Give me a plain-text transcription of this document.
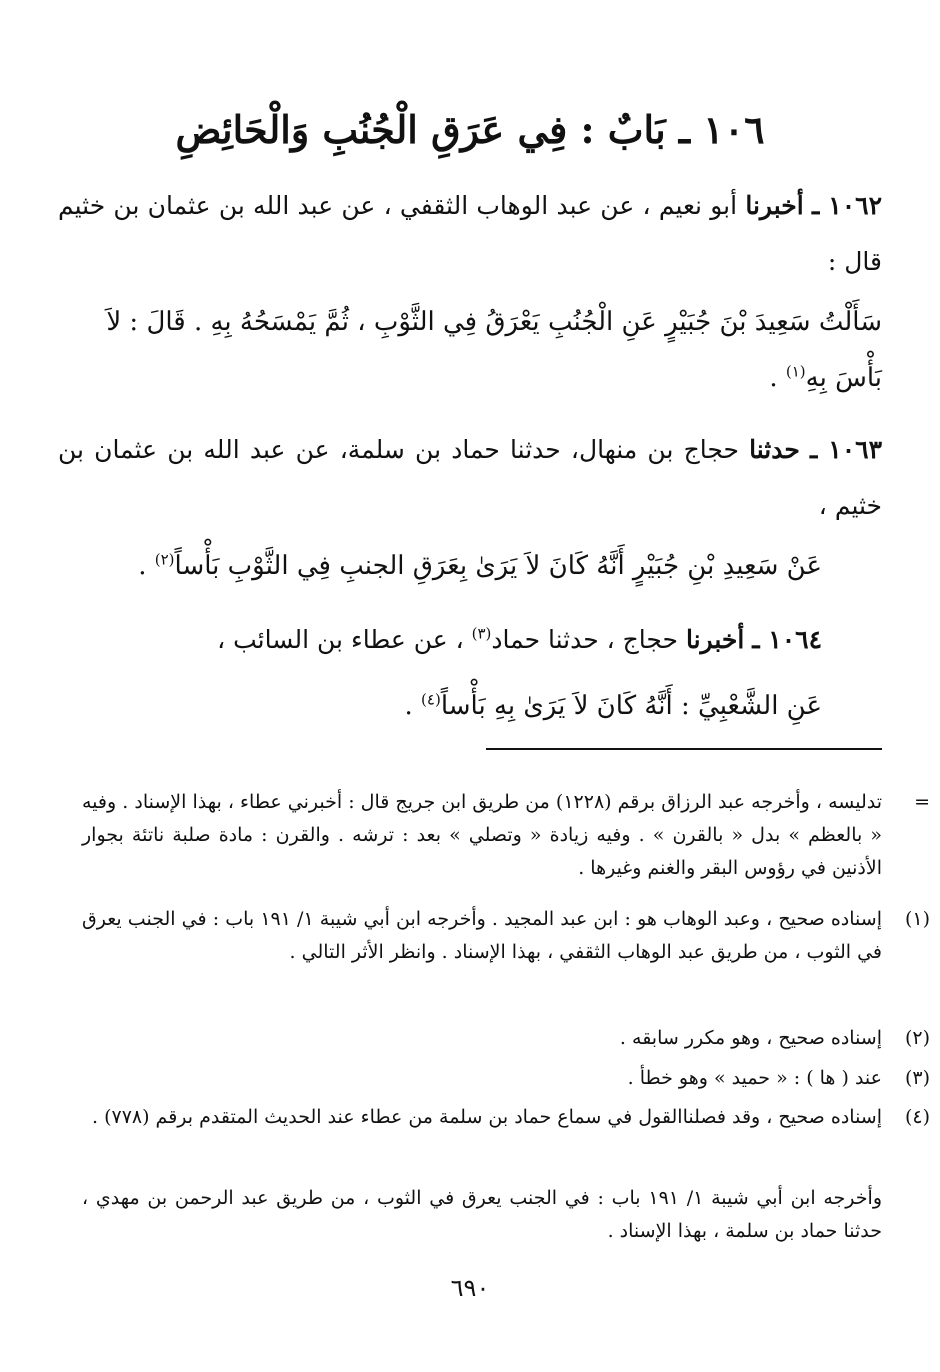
١٠٦ ـ بَابٌ : فِي عَرَقِ الْجُنُبِ وَالْحَائِضِ
١٠٦٢ ـ أخبرنا أبو نعيم ، عن عبد الوهاب الثقفي ، عن عبد الله بن عثمان بن خثيم قال :
سَأَلْتُ سَعِيدَ بْنَ جُبَيْرٍ عَنِ الْجُنُبِ يَعْرَقُ فِي الثَّوْبِ ، ثُمَّ يَمْسَحُهُ بِهِ . قَالَ : لاَ بَأْسَ بِهِ$^{(١)}$ .
١٠٦٣ ـ حدثنا حجاج بن منهال، حدثنا حماد بن سلمة، عن عبد الله بن عثمان بن خثيم ،
عَنْ سَعِيدِ بْنِ جُبَيْرٍ أَنَّهُ كَانَ لاَ يَرَىٰ بِعَرَقِ الجنبِ فِي الثَّوْبِ بَأْساً$^{(٢)}$ .
١٠٦٤ ـ أخبرنا حجاج ، حدثنا حماد$^{(٣)}$ ، عن عطاء بن السائب ،
عَنِ الشَّعْبِيِّ : أَنَّهُ كَانَ لاَ يَرَىٰ بِهِ بَأْساً$^{(٤)}$ .
=
تدليسه ، وأخرجه عبد الرزاق برقم (١٢٢٨) من طريق ابن جريج قال : أخبرني عطاء ، بهذا الإسناد . وفيه « بالعظم » بدل « بالقرن » . وفيه زيادة « وتصلي » بعد : ترشه . والقرن : مادة صلبة ناتئة بجوار الأذنين في رؤوس البقر والغنم وغيرها .
(١)
إسناده صحيح ، وعبد الوهاب هو : ابن عبد المجيد . وأخرجه ابن أبي شيبة ١/ ١٩١ باب : في الجنب يعرق في الثوب ، من طريق عبد الوهاب الثقفي ، بهذا الإسناد . وانظر الأثر التالي .
(٢)
إسناده صحيح ، وهو مكرر سابقه .
(٣)
عند ( ها ) : « حميد » وهو خطأ .
(٤)
إسناده صحيح ، وقد فصلناالقول في سماع حماد بن سلمة من عطاء عند الحديث المتقدم برقم (٧٧٨) .
وأخرجه ابن أبي شيبة ١/ ١٩١ باب : في الجنب يعرق في الثوب ، من طريق عبد الرحمن بن مهدي ، حدثنا حماد بن سلمة ، بهذا الإسناد .
٦٩٠
